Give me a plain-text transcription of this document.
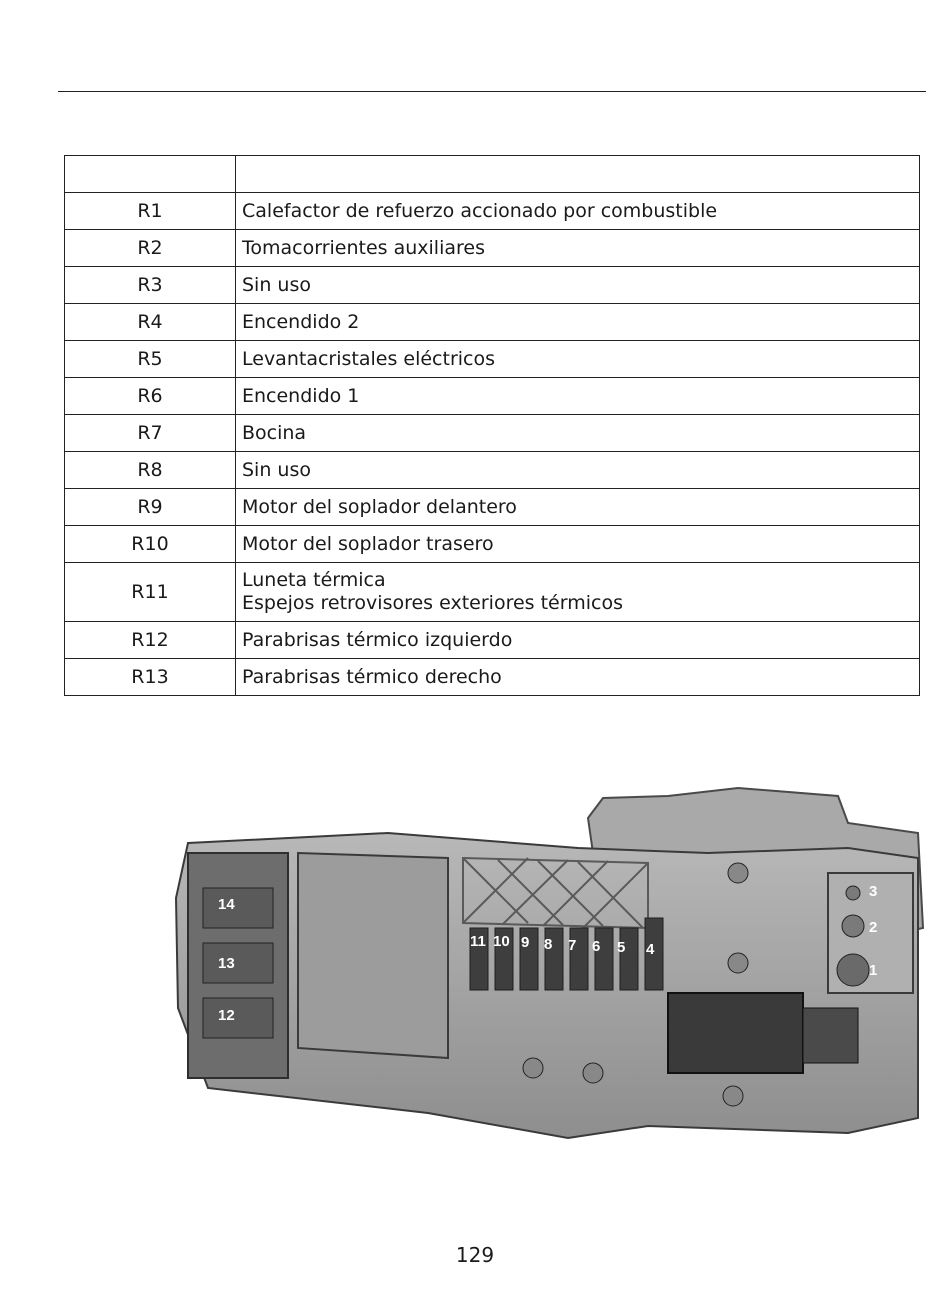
R1	Calefactor de refuerzo accionado por combustible

R2	Tomacorrientes auxiliares

R3	Sin uso

R4	Encendido 2

R5	Levantacristales eléctricos

R6	Encendido 1

R7	Bocina

R8	Sin uso

R9	Motor del soplador delantero

R10	Motor del soplador trasero

R11	Luneta térmica
Espejos retrovisores exteriores térmicos

R12	Parabrisas térmico izquierdo

R13	Parabrisas térmico derecho
14
13
12
11 10 9 8 7 6 5 4
3
2
1
129
